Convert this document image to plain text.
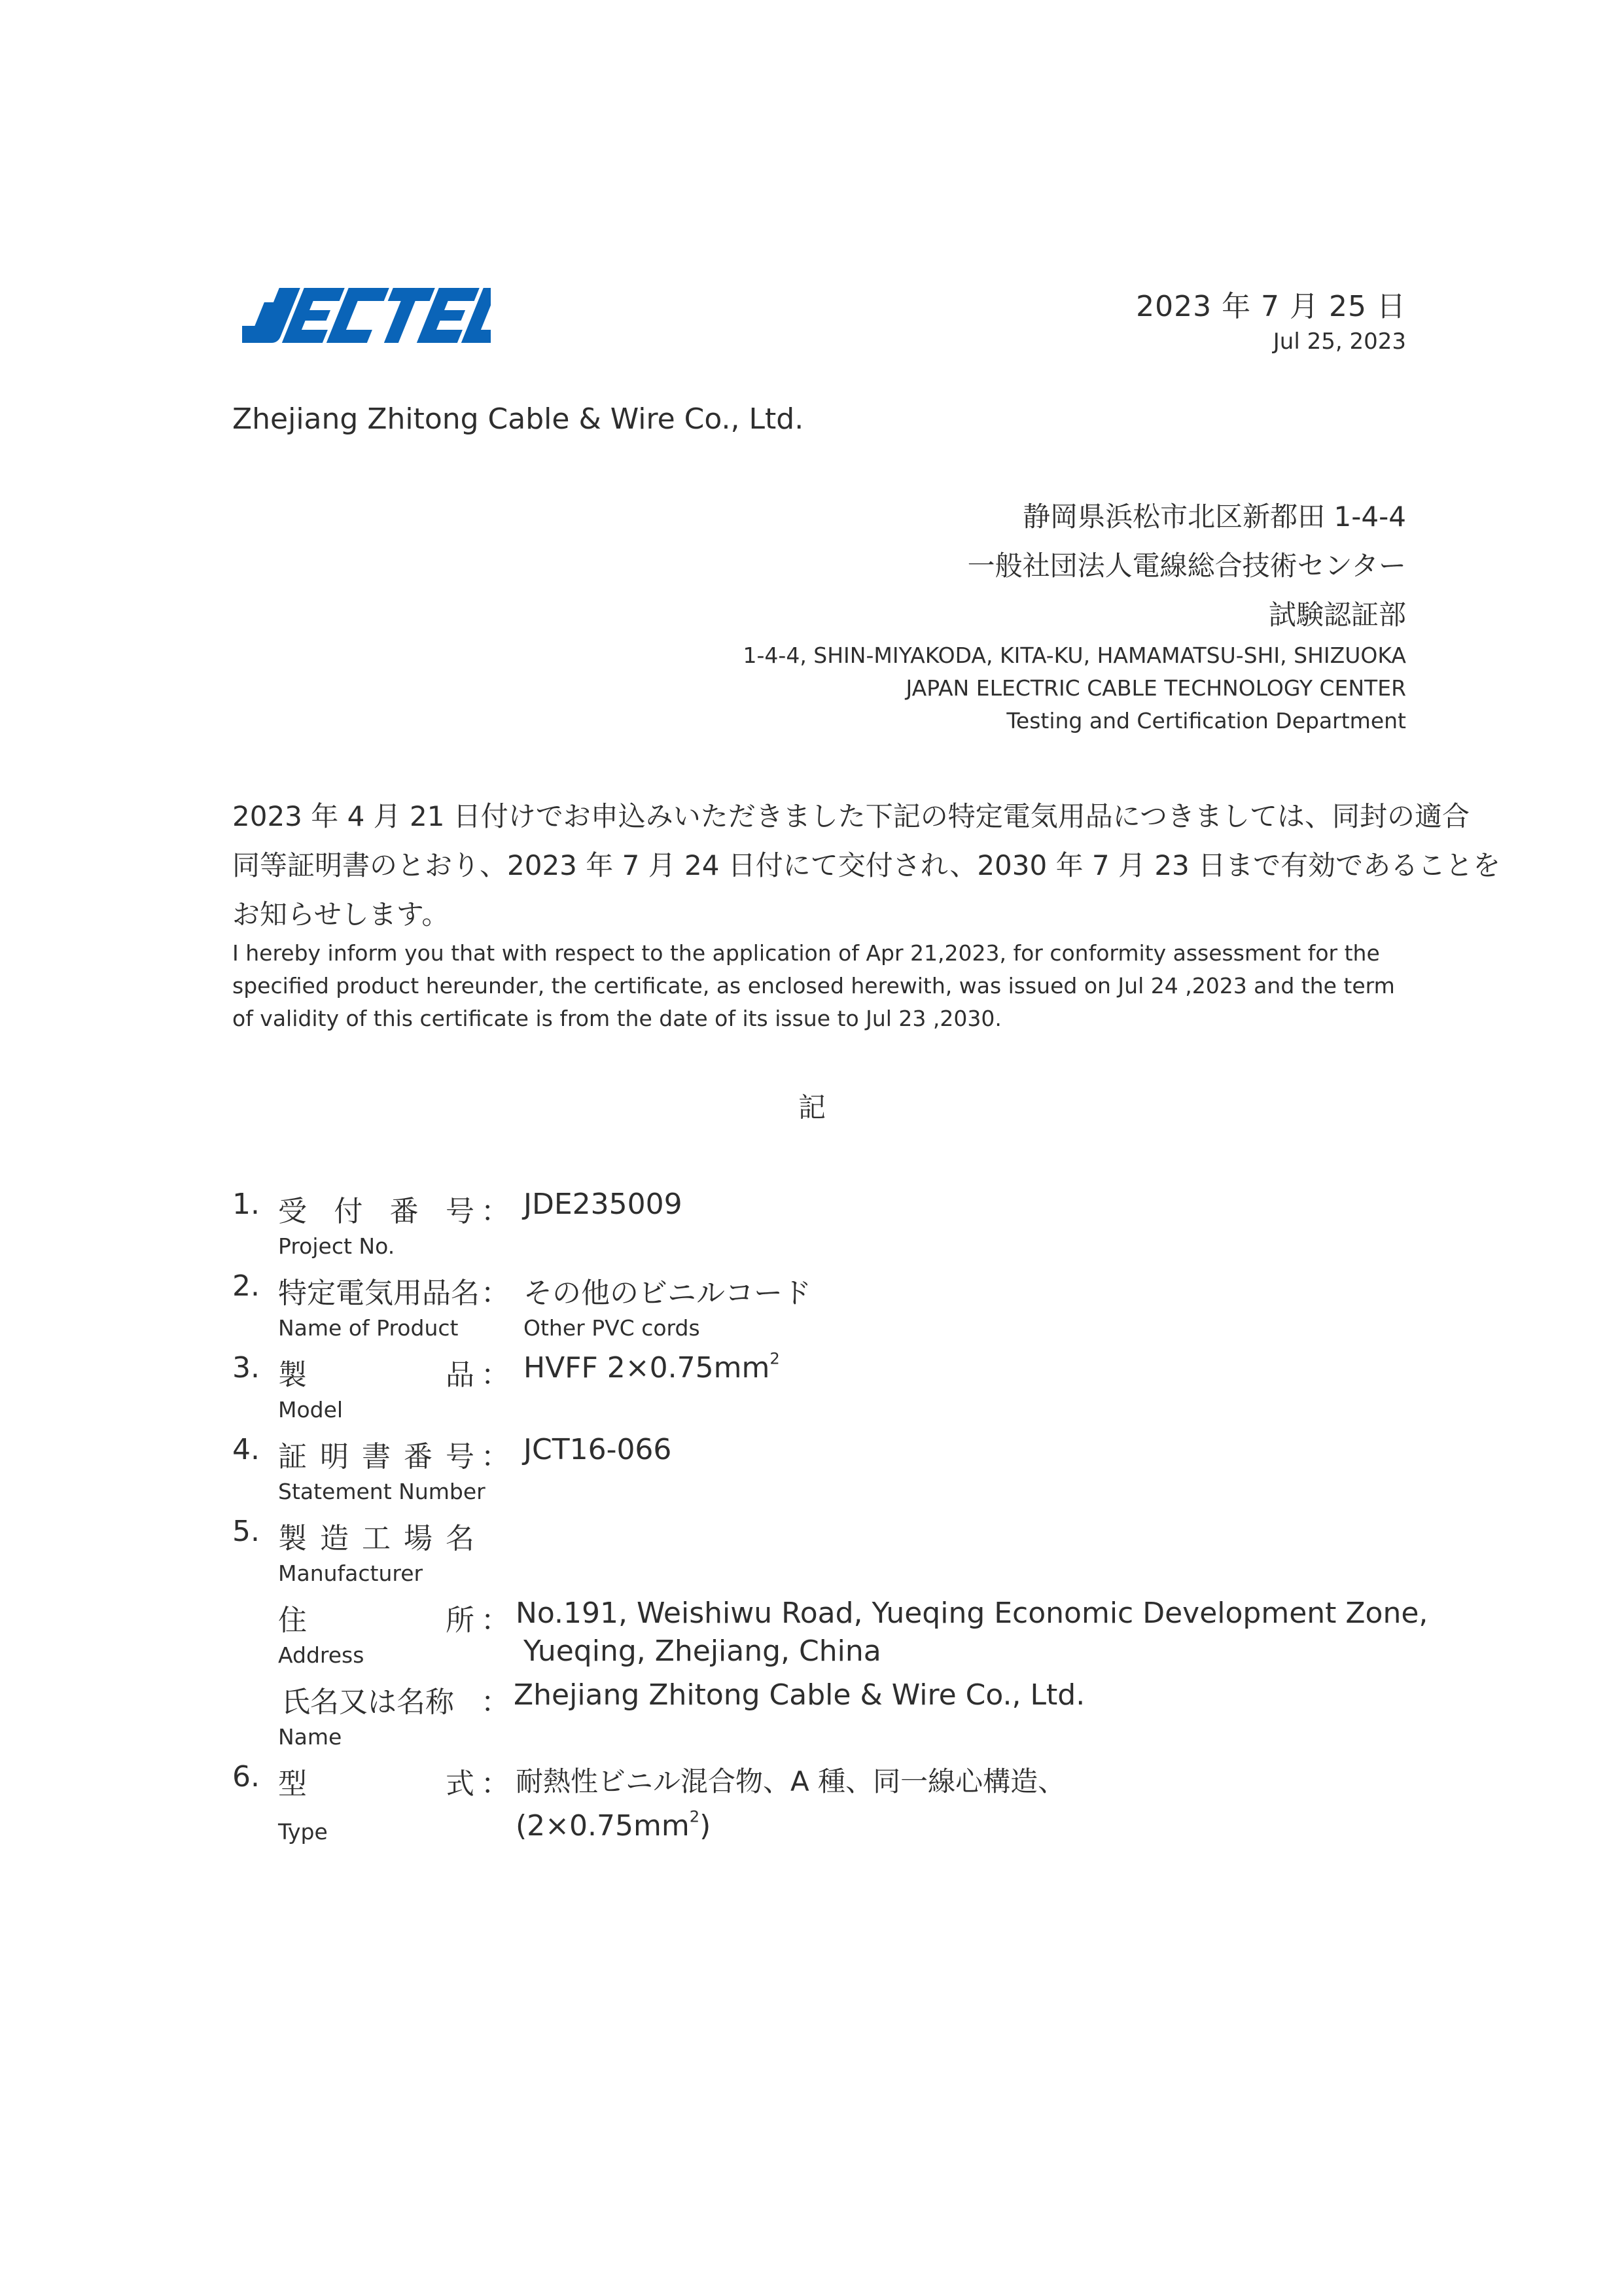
2023 年 7 月 25 日
Jul 25, 2023
Zhejiang Zhitong Cable & Wire Co., Ltd.
静岡県浜松市北区新都田 1-4-4
一般社団法人電線総合技術センター
試験認証部
1-4-4, SHIN-MIYAKODA, KITA-KU, HAMAMATSU-SHI, SHIZUOKA
JAPAN ELECTRIC CABLE TECHNOLOGY CENTER
Testing and Certification Department
2023 年 4 月 21 日付けでお申込みいただきました下記の特定電気用品につきましては、同封の適合
同等証明書のとおり、2023 年 7 月 24 日付にて交付され、2030 年 7 月 23 日まで有効であることを
お知らせします。
I hereby inform you that with respect to the application of Apr 21,2023, for conformity assessment for the
specified product hereunder, the certificate, as enclosed herewith, was issued on Jul 24 ,2023 and the term
of validity of this certificate is from the date of its issue to Jul 23 ,2030.
記
1. 受 付 番 号 ： JDE235009
Project No.
2. 特定電気用品名 ： その他のビニルコード
Name of Product	Other PVC cords
3. 製	品 ： HVFF $2\times 0.75mm^2$
Model
4. 証 明 書 番 号 ： JCT16-066
Statement Number
5. 製 造 工 場 名
Manufacturer
住	所 ： No.191, Weishiwu Road, Yueqing Economic Development Zone,
Yueqing, Zhejiang, China
Address
氏名又は名称 ： Zhejiang Zhitong Cable & Wire Co., Ltd.
Name
6. 型	式 ： 耐熱性ビニル混合物、A 種、同一線心構造、
$(2\times 0.75mm^2)$
Type
